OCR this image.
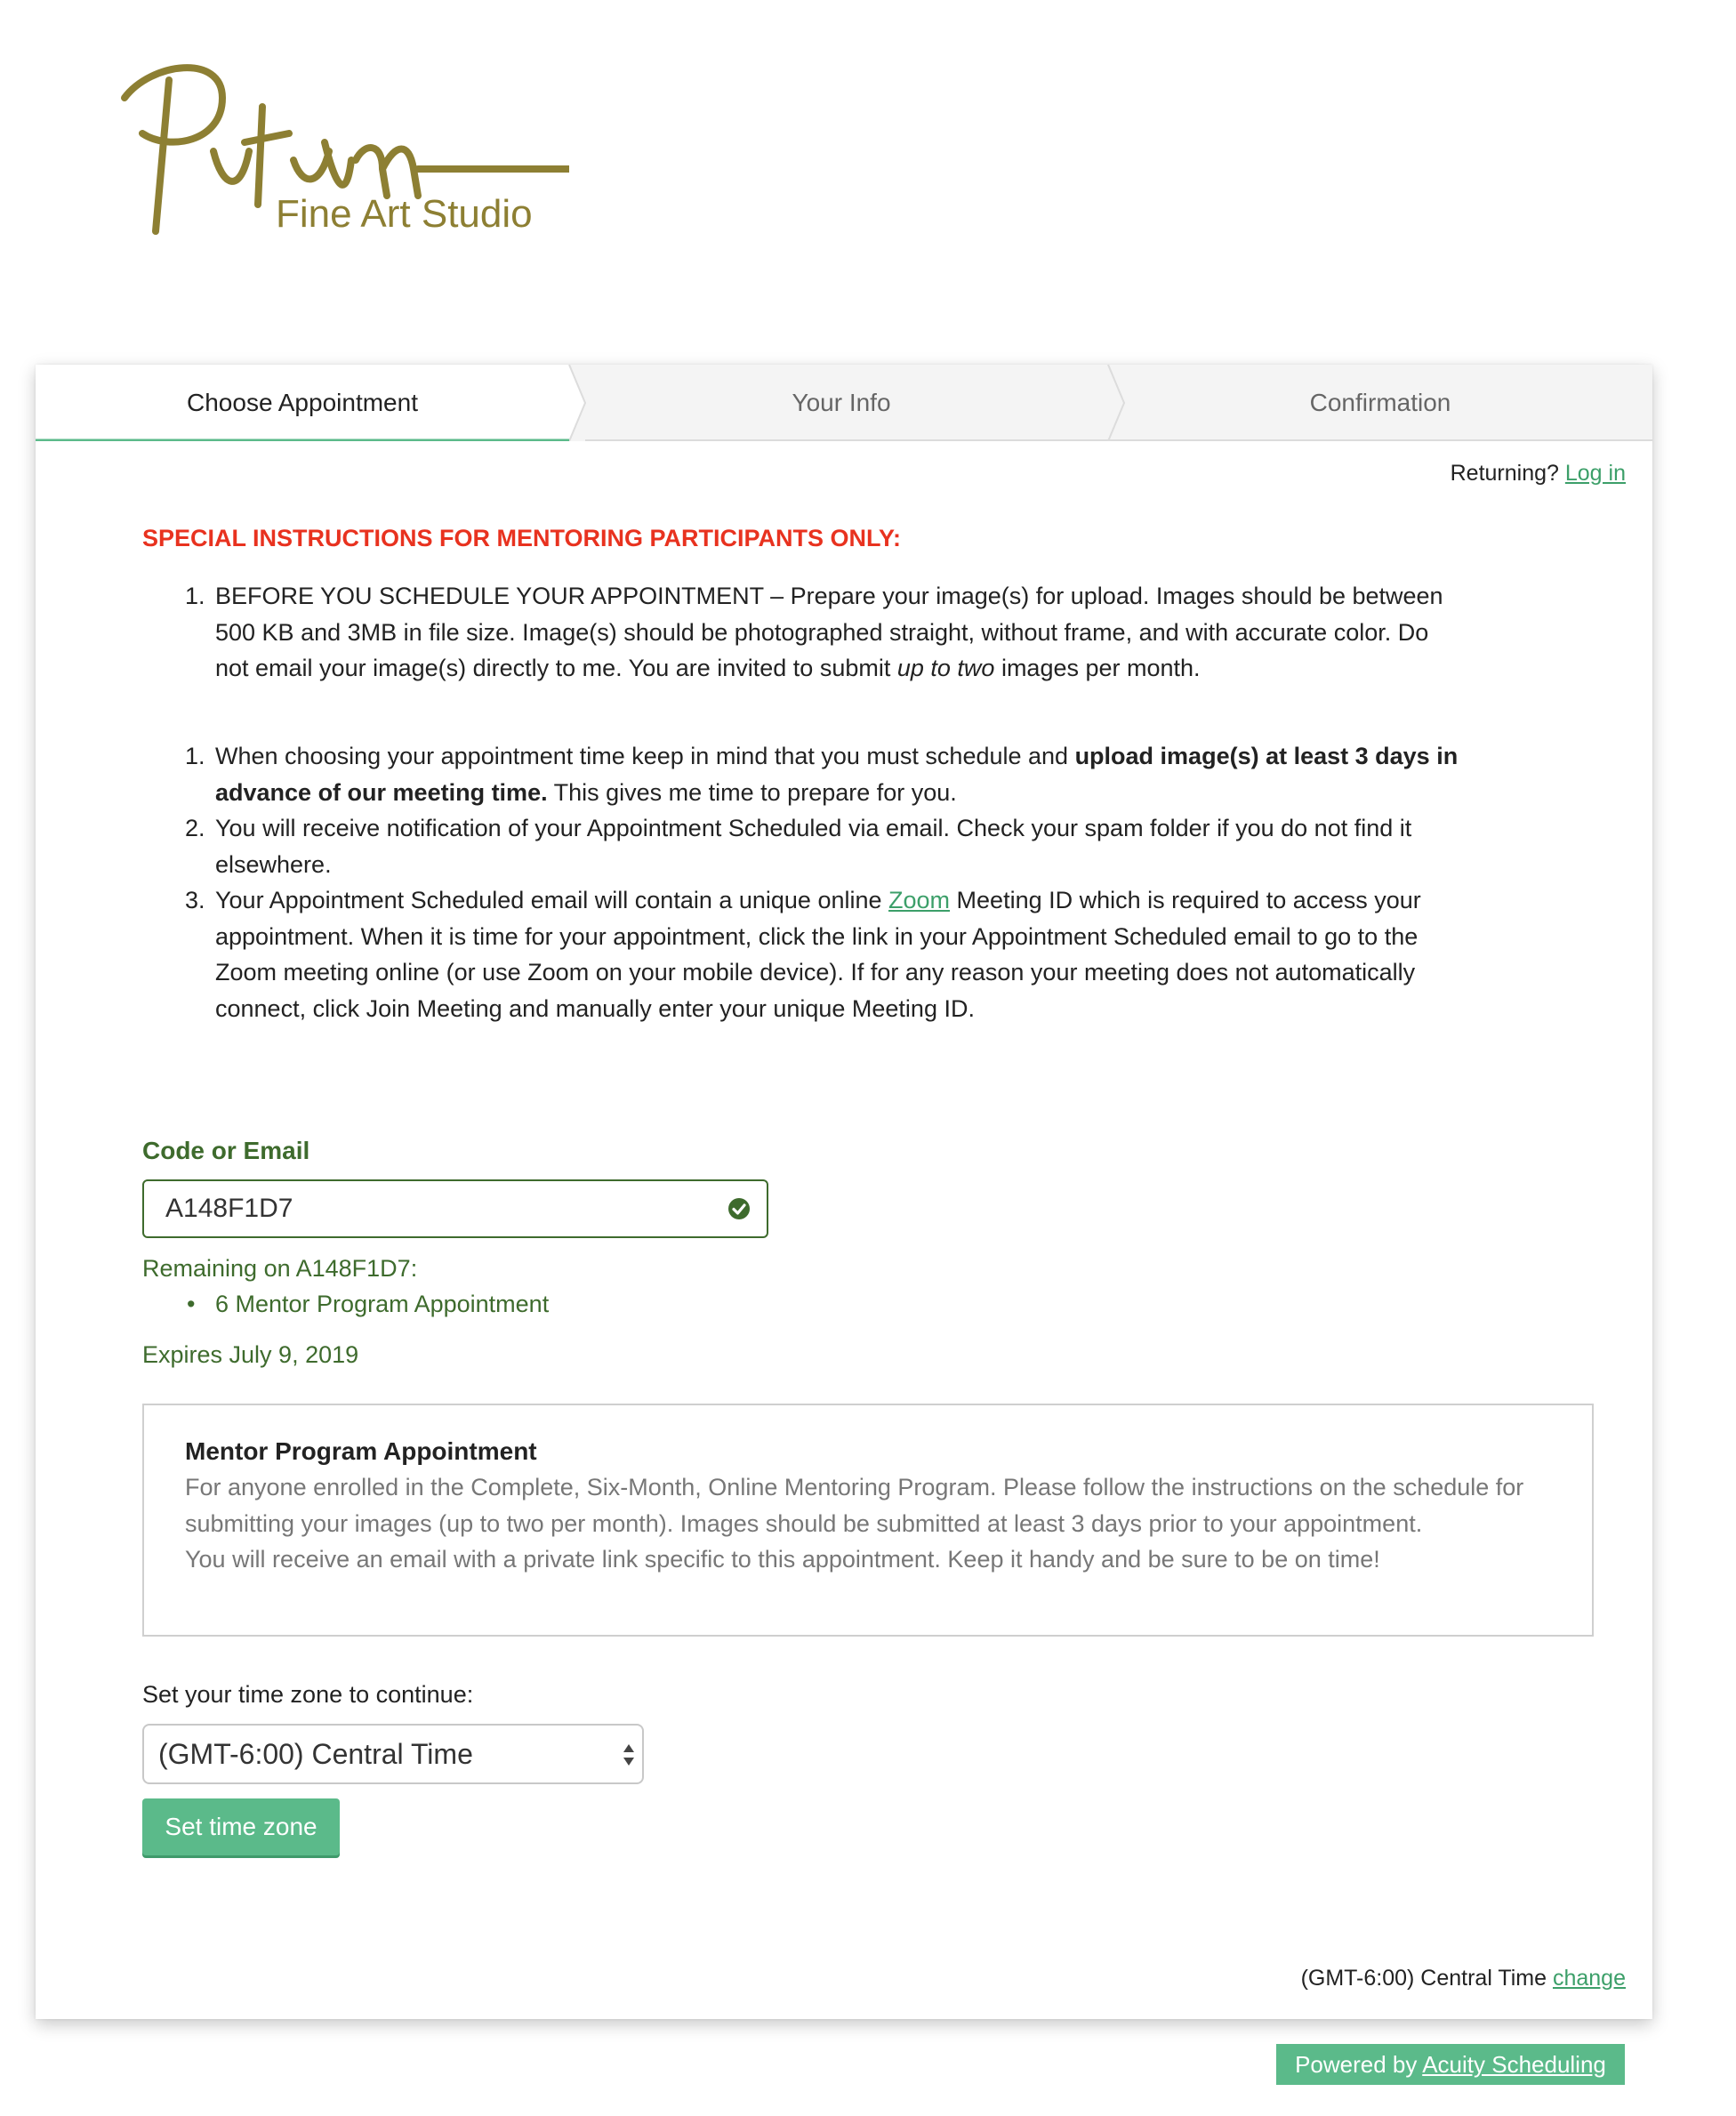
Fine Art Studio
Choose Appointment	Your Info	Confirmation
Returning? Log in
SPECIAL INSTRUCTIONS FOR MENTORING PARTICIPANTS ONLY:
1. BEFORE YOU SCHEDULE YOUR APPOINTMENT – Prepare your image(s) for upload. Images should be between 500 KB and 3MB in file size. Image(s) should be photographed straight, without frame, and with accurate color. Do not email your image(s) directly to me. You are invited to submit up to two images per month.
1. When choosing your appointment time keep in mind that you must schedule and upload image(s) at least 3 days in advance of our meeting time. This gives me time to prepare for you.
2. You will receive notification of your Appointment Scheduled via email. Check your spam folder if you do not find it elsewhere.
3. Your Appointment Scheduled email will contain a unique online Zoom Meeting ID which is required to access your appointment. When it is time for your appointment, click the link in your Appointment Scheduled email to go to the Zoom meeting online (or use Zoom on your mobile device). If for any reason your meeting does not automatically connect, click Join Meeting and manually enter your unique Meeting ID.
Code or Email
A148F1D7
Remaining on A148F1D7:
• 6 Mentor Program Appointment
Expires July 9, 2019
Mentor Program Appointment
For anyone enrolled in the Complete, Six-Month, Online Mentoring Program. Please follow the instructions on the schedule for submitting your images (up to two per month). Images should be submitted at least 3 days prior to your appointment.
You will receive an email with a private link specific to this appointment. Keep it handy and be sure to be on time!
Set your time zone to continue:
(GMT-6:00) Central Time
Set time zone
(GMT-6:00) Central Time change
Powered by Acuity Scheduling
